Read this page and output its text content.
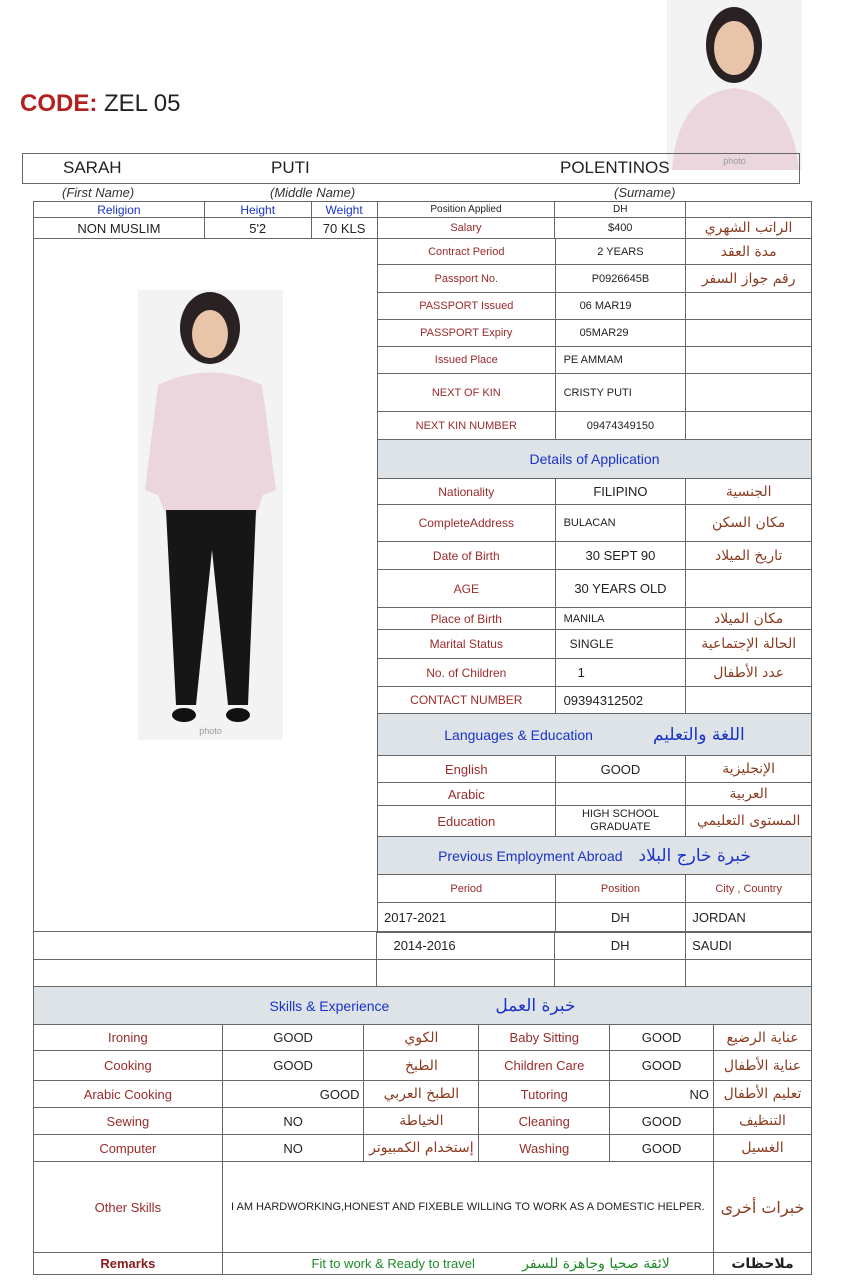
CODE: ZEL 05
photo
photo
SARAH	PUTI	POLENTINOS
(First Name)	(Middle Name)	(Surname)
Religion	Height	Weight	Position Applied	DH	
NON MUSLIM	5'2	70 KLS	Salary	$400	الراتب الشهري
Contract Period	2 YEARS	مدة العقد
Passport No.	P0926645B	رقم جواز السفر
PASSPORT Issued	06 MAR19	
PASSPORT Expiry	05MAR29	
Issued Place	PE AMMAM	
NEXT OF KIN	CRISTY PUTI	
NEXT KIN NUMBER	09474349150	
Details of Application		
Nationality	FILIPINO	الجنسية
CompleteAddress	BULACAN	مكان السكن
Date of Birth	30 SEPT 90	تاريخ الميلاد
AGE	30 YEARS OLD	
Place of Birth	MANILA	مكان الميلاد
Marital Status	SINGLE	الحالة الإجتماعية
No. of Children	1	عدد الأطفال
CONTACT NUMBER	09394312502	
Languages & Education اللغة والتعليم		
English	GOOD	الإنجليزية
Arabic		العربية
Education	HIGH SCHOOL GRADUATE	المستوى التعليمي
Previous Employment Abroad خبرة خارج البلاد		
Period	Position	City , Country
2017-2021	DH	JORDAN
	2014-2016	DH	SAUDI

Skills & Experience خبرة العمل					
Ironing	GOOD	الكوي	Baby Sitting	GOOD	عناية الرضيع
Cooking	GOOD	الطبخ	Children Care	GOOD	عناية الأطفال
Arabic Cooking	GOOD	الطبخ العربي	Tutoring	NO	تعليم الأطفال
Sewing	NO	الخياطة	Cleaning	GOOD	التنظيف
Computer	NO	إستخدام الكمبيوتر	Washing	GOOD	الغسيل
Other Skills	I AM HARDWORKING,HONEST AND FIXEBLE WILLING TO WORK AS A DOMESTIC HELPER.				خبرات أخرى
Remarks	Fit to work & Ready to travel		لائقة صحيا وجاهزة للسفر		ملاحظات
